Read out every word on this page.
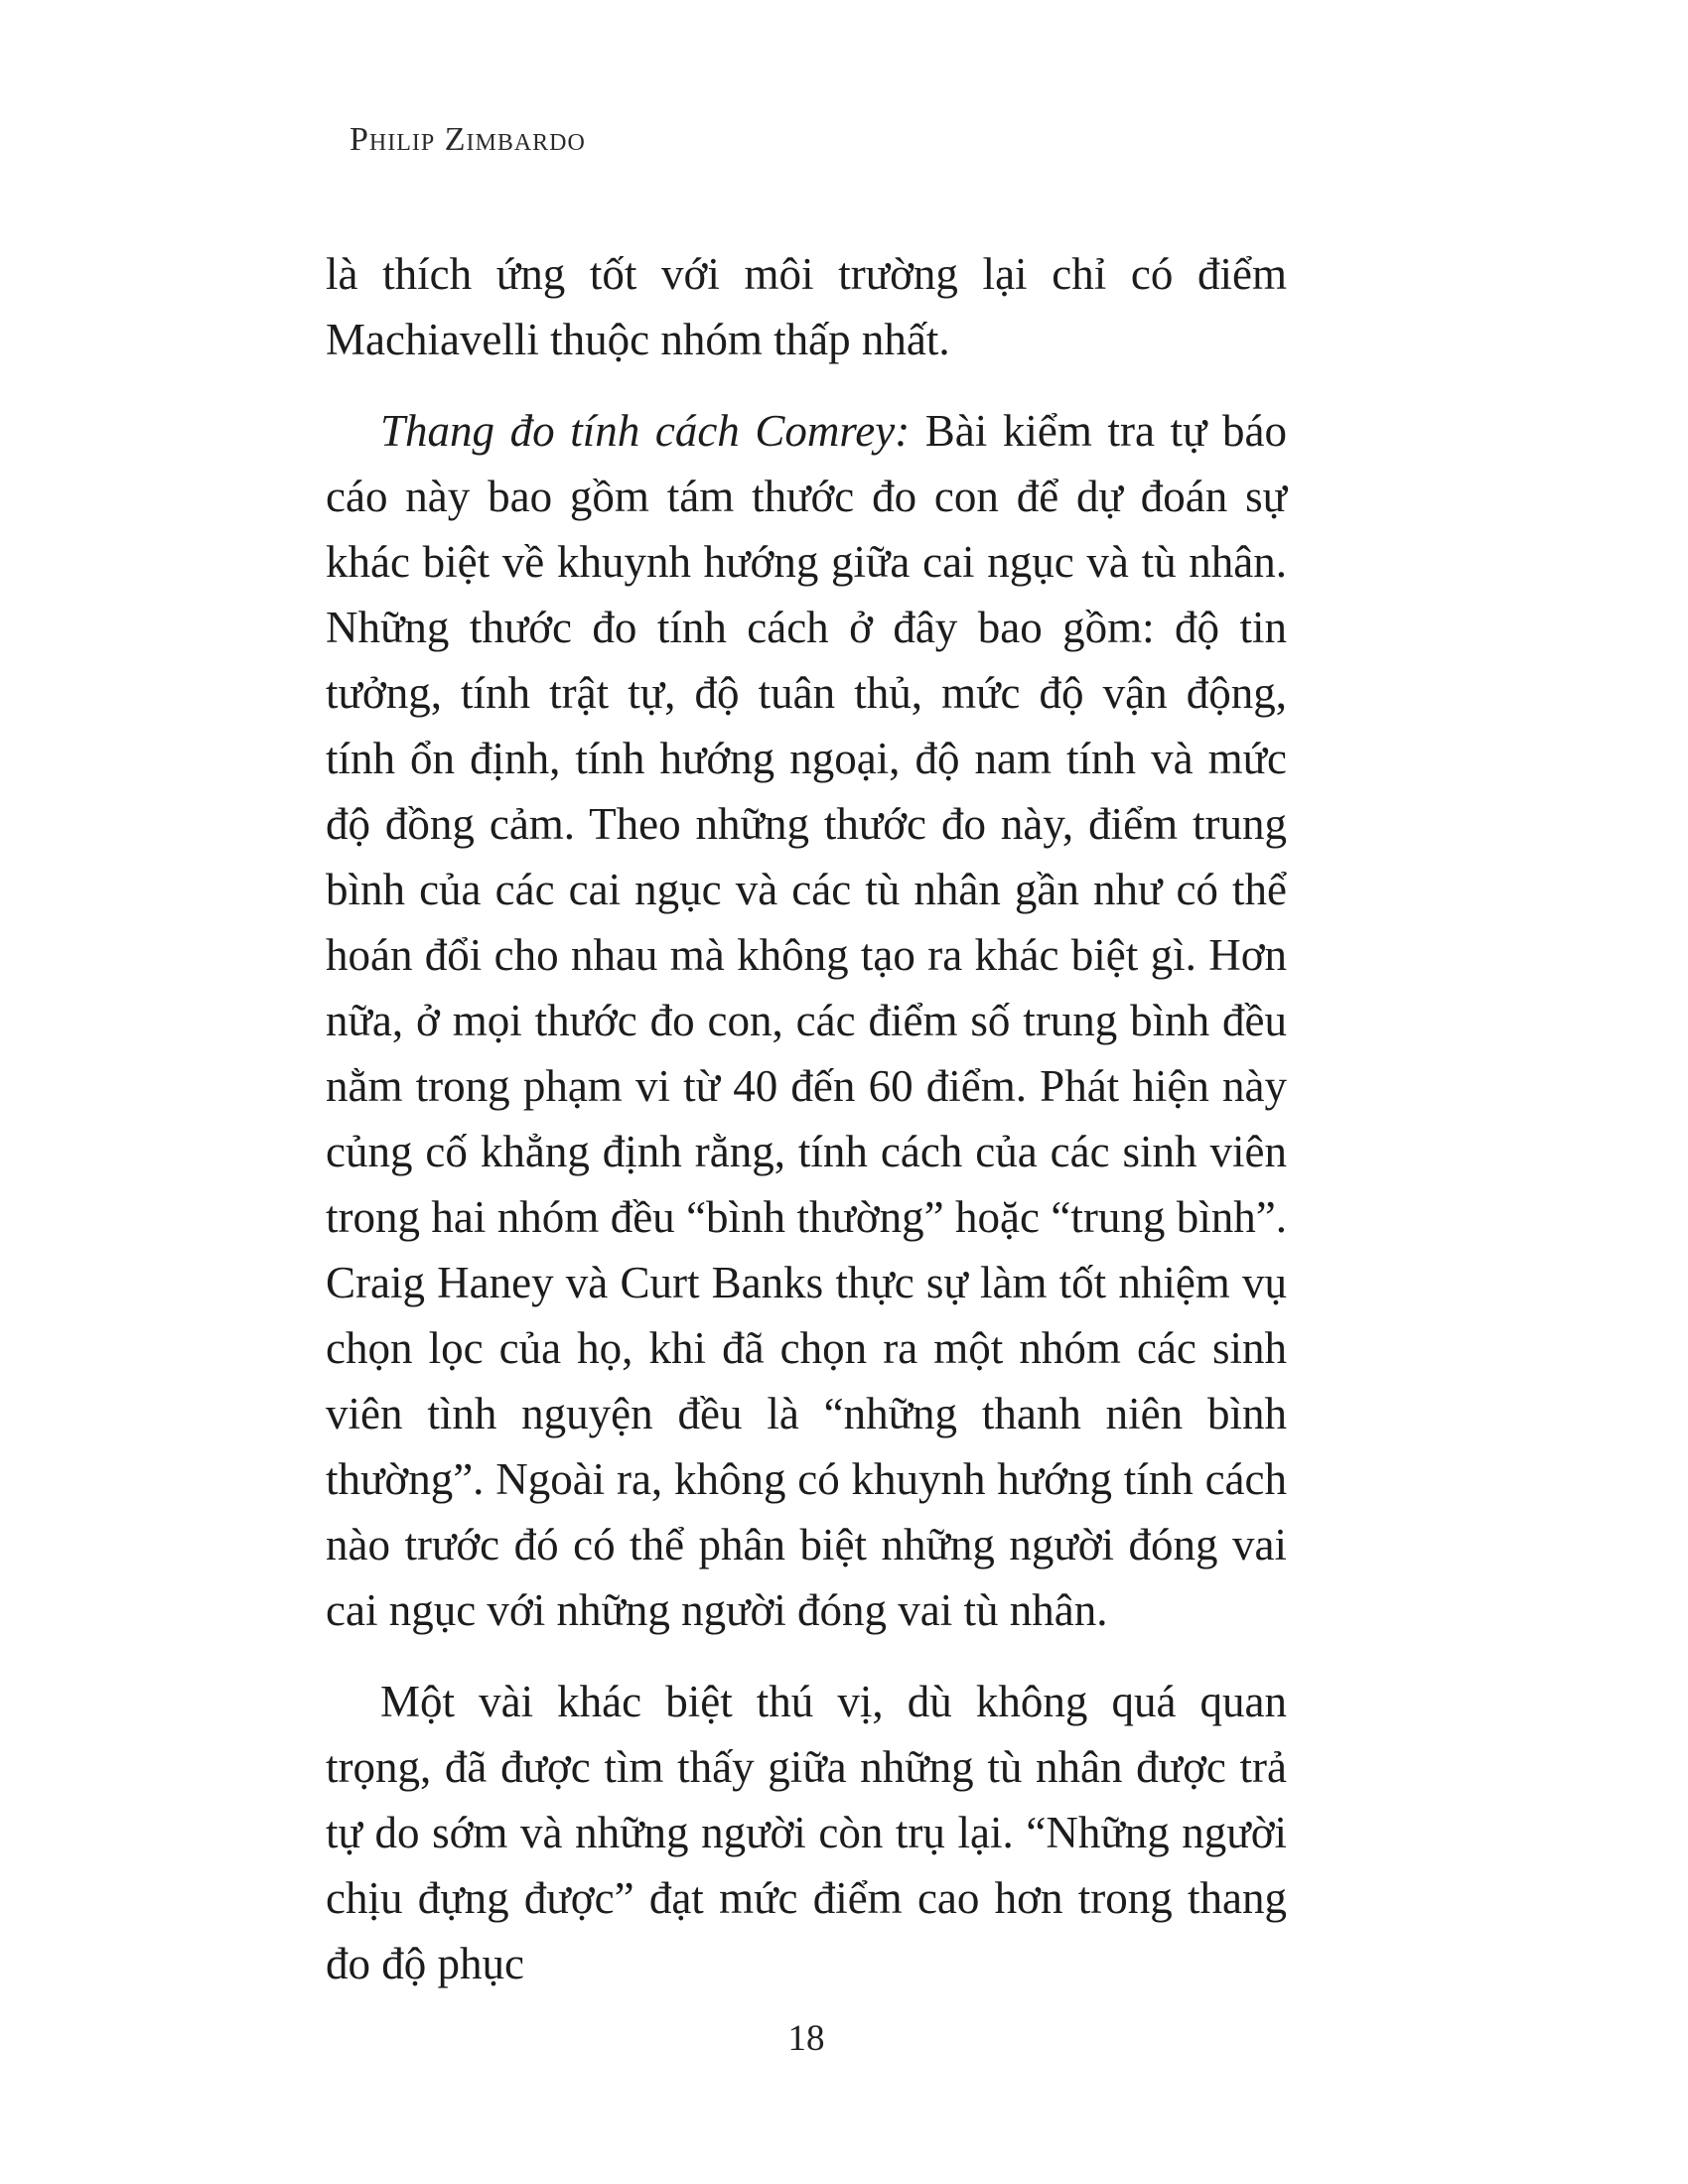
Philip Zimbardo

là thích ứng tốt với môi trường lại chỉ có điểm Machiavelli thuộc nhóm thấp nhất.

Thang đo tính cách Comrey: Bài kiểm tra tự báo cáo này bao gồm tám thước đo con để dự đoán sự khác biệt về khuynh hướng giữa cai ngục và tù nhân. Những thước đo tính cách ở đây bao gồm: độ tin tưởng, tính trật tự, độ tuân thủ, mức độ vận động, tính ổn định, tính hướng ngoại, độ nam tính và mức độ đồng cảm. Theo những thước đo này, điểm trung bình của các cai ngục và các tù nhân gần như có thể hoán đổi cho nhau mà không tạo ra khác biệt gì. Hơn nữa, ở mọi thước đo con, các điểm số trung bình đều nằm trong phạm vi từ 40 đến 60 điểm. Phát hiện này củng cố khẳng định rằng, tính cách của các sinh viên trong hai nhóm đều “bình thường” hoặc “trung bình”. Craig Haney và Curt Banks thực sự làm tốt nhiệm vụ chọn lọc của họ, khi đã chọn ra một nhóm các sinh viên tình nguyện đều là “những thanh niên bình thường”. Ngoài ra, không có khuynh hướng tính cách nào trước đó có thể phân biệt những người đóng vai cai ngục với những người đóng vai tù nhân.

Một vài khác biệt thú vị, dù không quá quan trọng, đã được tìm thấy giữa những tù nhân được trả tự do sớm và những người còn trụ lại. “Những người chịu đựng được” đạt mức điểm cao hơn trong thang đo độ phục

18
